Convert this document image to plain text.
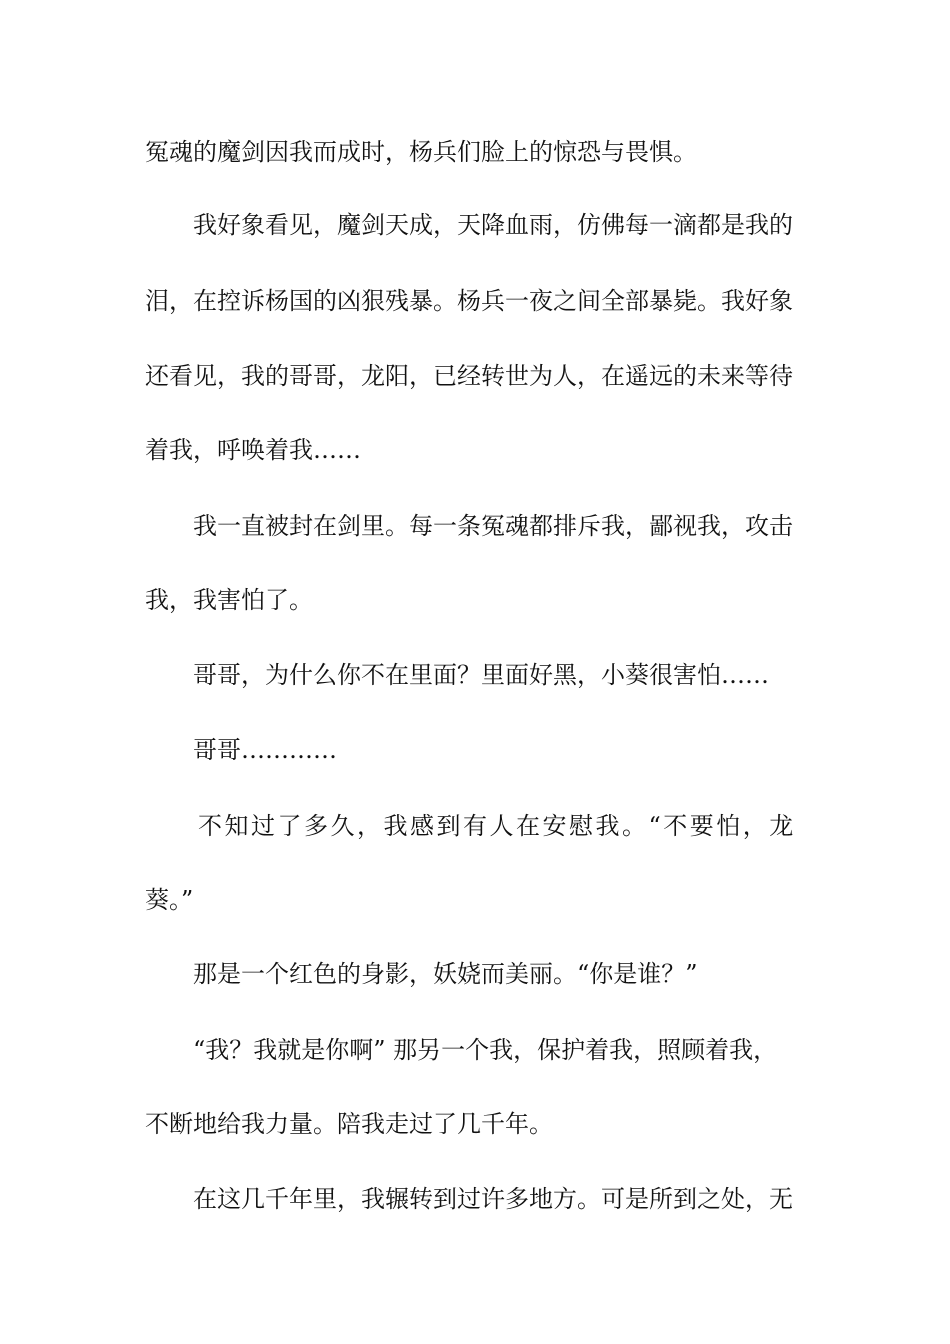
冤魂的魔剑因我而成时，杨兵们脸上的惊恐与畏惧。
我好象看见，魔剑天成，天降血雨，仿佛每一滴都是我的
泪，在控诉杨国的凶狠残暴。杨兵一夜之间全部暴毙。我好象
还看见，我的哥哥，龙阳，已经转世为人，在遥远的未来等待
着我，呼唤着我……
我一直被封在剑里。每一条冤魂都排斥我，鄙视我，攻击
我，我害怕了。
哥哥，为什么你不在里面？里面好黑，小葵很害怕……
哥哥…………
不知过了多久，我感到有人在安慰我。“不要怕，龙
葵。”
那是一个红色的身影，妖娆而美丽。“你是谁？”
“我？我就是你啊” 那另一个我，保护着我，照顾着我，
不断地给我力量。陪我走过了几千年。
在这几千年里，我辗转到过许多地方。可是所到之处，无
